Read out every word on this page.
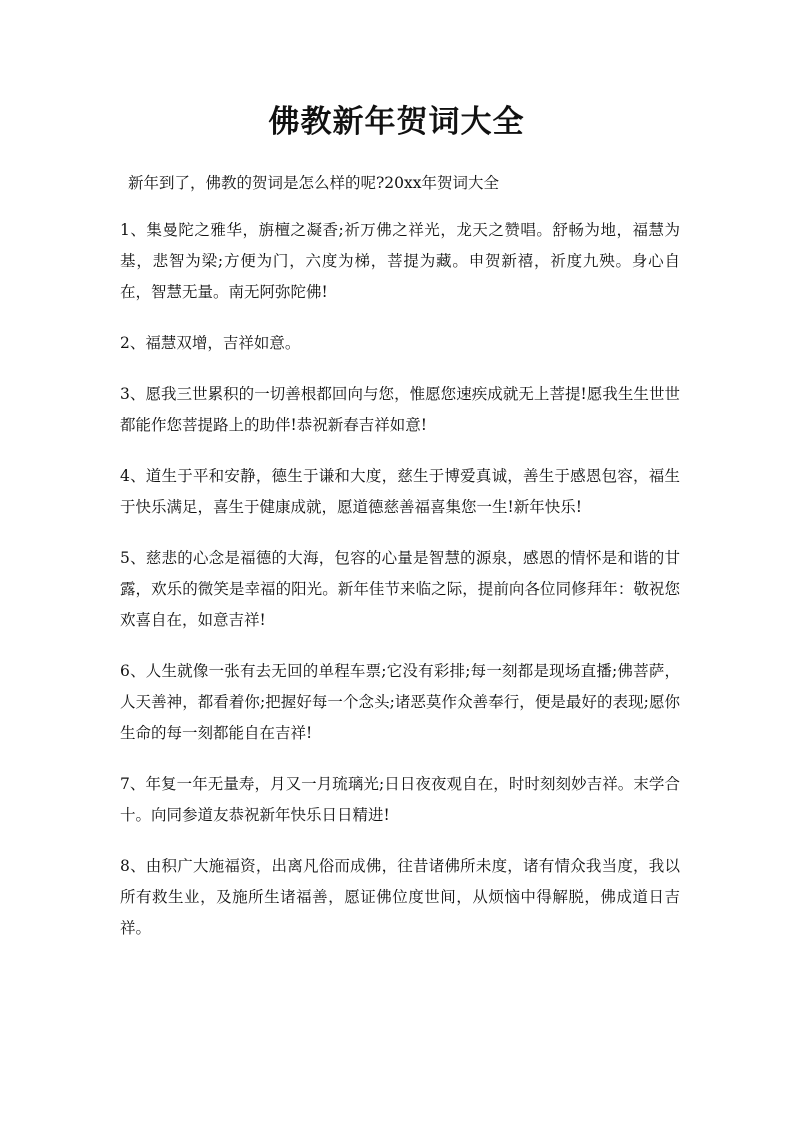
佛教新年贺词大全

新年到了，佛教的贺词是怎么样的呢?20xx年贺词大全

1、集曼陀之雅华，旃檀之凝香;祈万佛之祥光，龙天之赞唱。舒畅为地，福慧为基，悲智为梁;方便为门，六度为梯，菩提为藏。申贺新禧，祈度九殃。身心自在，智慧无量。南无阿弥陀佛!

2、福慧双增，吉祥如意。

3、愿我三世累积的一切善根都回向与您，惟愿您速疾成就无上菩提!愿我生生世世都能作您菩提路上的助伴!恭祝新春吉祥如意!

4、道生于平和安静，德生于谦和大度，慈生于博爱真诚，善生于感恩包容，福生于快乐满足，喜生于健康成就，愿道德慈善福喜集您一生!新年快乐!

5、慈悲的心念是福德的大海，包容的心量是智慧的源泉，感恩的情怀是和谐的甘露，欢乐的微笑是幸福的阳光。新年佳节来临之际，提前向各位同修拜年：敬祝您欢喜自在，如意吉祥!

6、人生就像一张有去无回的单程车票;它没有彩排;每一刻都是现场直播;佛菩萨，人天善神，都看着你;把握好每一个念头;诸恶莫作众善奉行，便是最好的表现;愿你生命的每一刻都能自在吉祥!

7、年复一年无量寿，月又一月琉璃光;日日夜夜观自在，时时刻刻妙吉祥。末学合十。向同参道友恭祝新年快乐日日精进!

8、由积广大施福资，出离凡俗而成佛，往昔诸佛所未度，诸有情众我当度，我以所有救生业，及施所生诸福善，愿证佛位度世间，从烦恼中得解脱，佛成道日吉祥。
